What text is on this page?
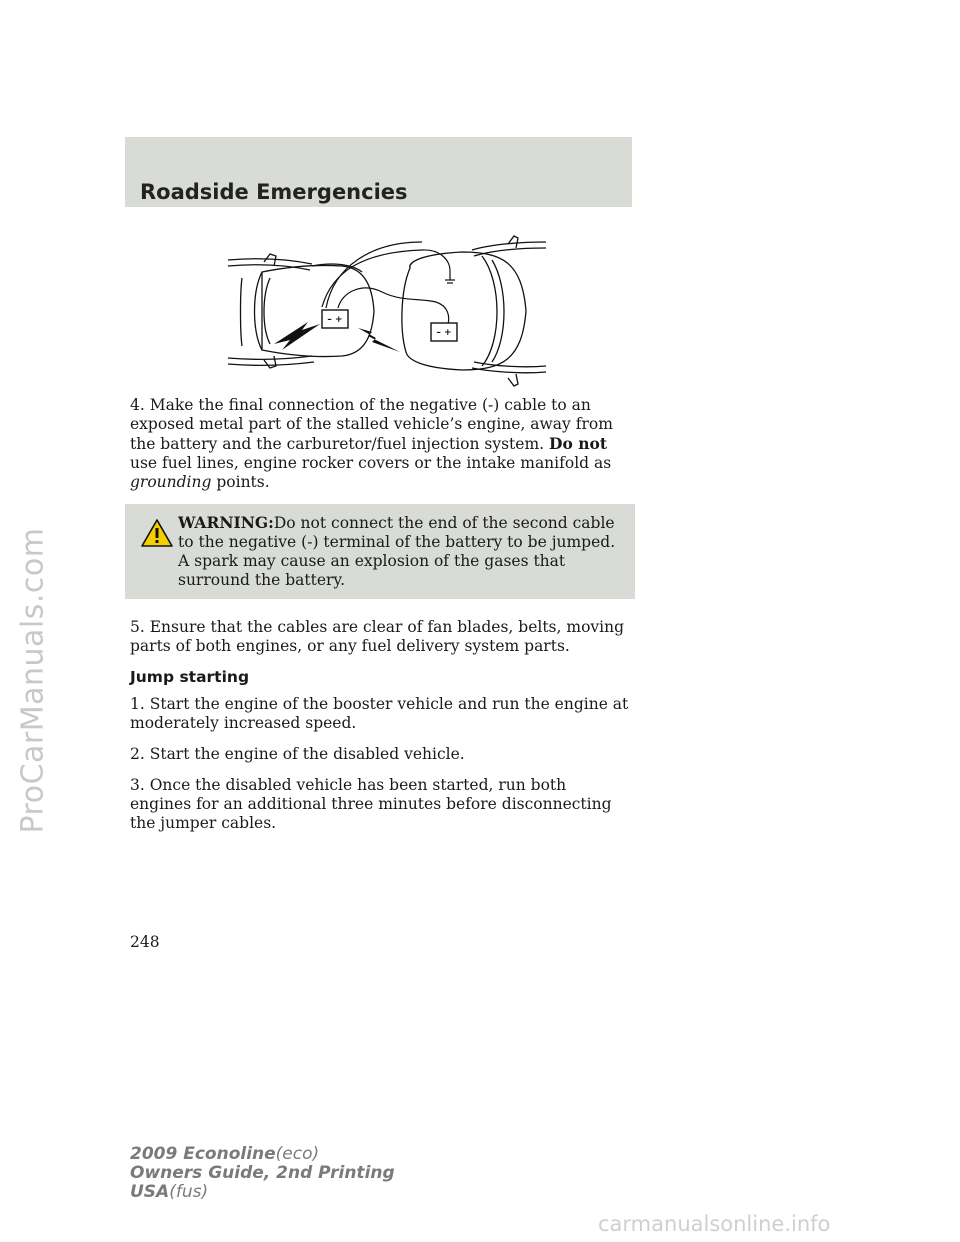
ProCarManuals.com
Roadside Emergencies
– +
– +

4. Make the final connection of the negative (-) cable to an exposed metal part of the stalled vehicle’s engine, away from the battery and the carburetor/fuel injection system. Do not use fuel lines, engine rocker covers or the intake manifold as grounding points.

WARNING:Do not connect the end of the second cable to the negative (-) terminal of the battery to be jumped. A spark may cause an explosion of the gases that surround the battery.

5. Ensure that the cables are clear of fan blades, belts, moving parts of both engines, or any fuel delivery system parts.

Jump starting

1. Start the engine of the booster vehicle and run the engine at moderately increased speed.

2. Start the engine of the disabled vehicle.

3. Once the disabled vehicle has been started, run both engines for an additional three minutes before disconnecting the jumper cables.

248
2009 Econoline(eco)
Owners Guide, 2nd Printing
USA(fus)
carmanualsonline.info
